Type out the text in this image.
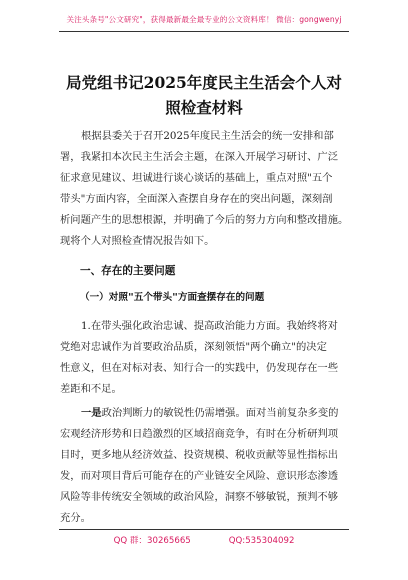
关注头条号"公文研究"，获得最新最全最专业的公文资料库！ 微信：gongwenyj
局党组书记2025年度民主生活会个人对
照检查材料
根据县委关于召开2025年度民主生活会的统一安排和部
署，我紧扣本次民主生活会主题，在深入开展学习研讨、广泛
征求意见建议、坦诚进行谈心谈话的基础上，重点对照"五个
带头"方面内容，全面深入查摆自身存在的突出问题，深刻剖
析问题产生的思想根源，并明确了今后的努力方向和整改措施。
现将个人对照检查情况报告如下。
一、存在的主要问题
（一）对照"五个带头"方面查摆存在的问题
1.在带头强化政治忠诚、提高政治能力方面。我始终将对
党绝对忠诚作为首要政治品质，深刻领悟"两个确立"的决定
性意义，但在对标对表、知行合一的实践中，仍发现存在一些
差距和不足。
一是政治判断力的敏锐性仍需增强。面对当前复杂多变的
宏观经济形势和日趋激烈的区域招商竞争，有时在分析研判项
目时，更多地从经济效益、投资规模、税收贡献等显性指标出
发，而对项目背后可能存在的产业链安全风险、意识形态渗透
风险等非传统安全领域的政治风险，洞察不够敏锐，预判不够
充分。
QQ 群：30265665	QQ:535304092
